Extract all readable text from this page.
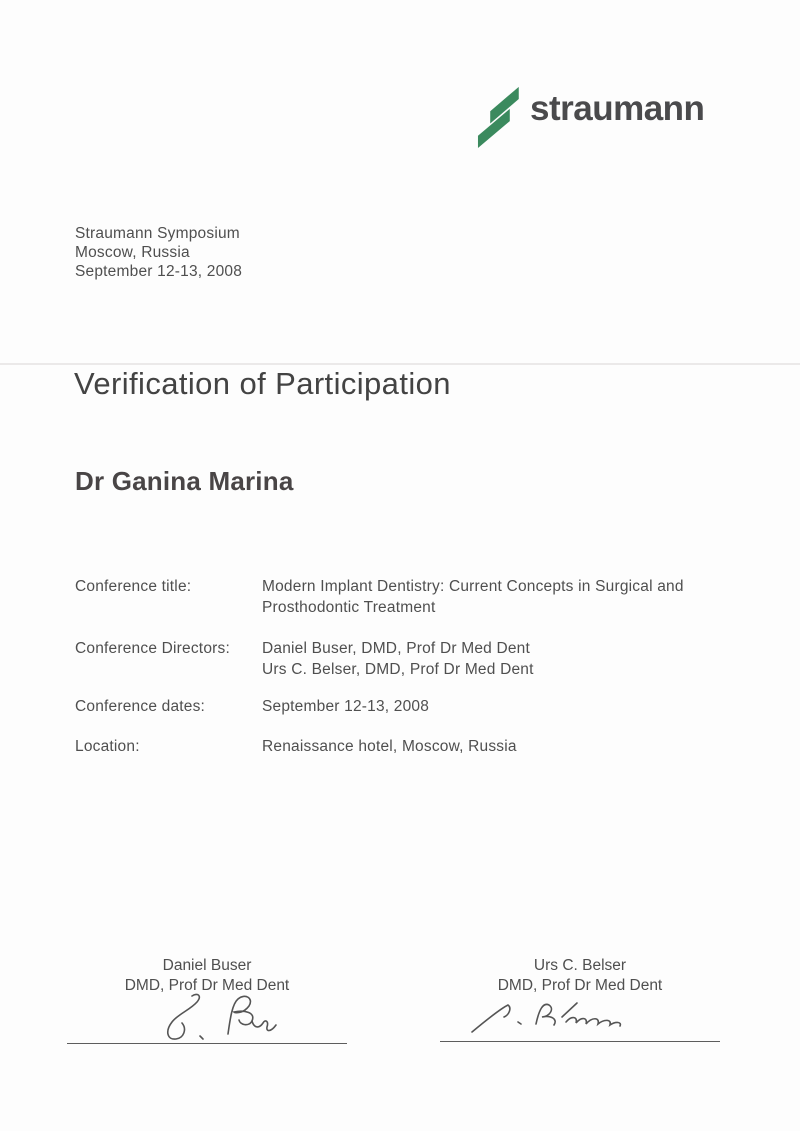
straumann
Straumann Symposium
Moscow, Russia
September 12-13, 2008
Verification of Participation
Dr Ganina Marina
Conference title:	Modern Implant Dentistry: Current Concepts in Surgical and
Prosthodontic Treatment
Conference Directors:	Daniel Buser, DMD, Prof Dr Med Dent
Urs C. Belser, DMD, Prof Dr Med Dent
Conference dates:	September 12-13, 2008
Location:	Renaissance hotel, Moscow, Russia
Daniel Buser
DMD, Prof Dr Med Dent
Urs C. Belser
DMD, Prof Dr Med Dent
